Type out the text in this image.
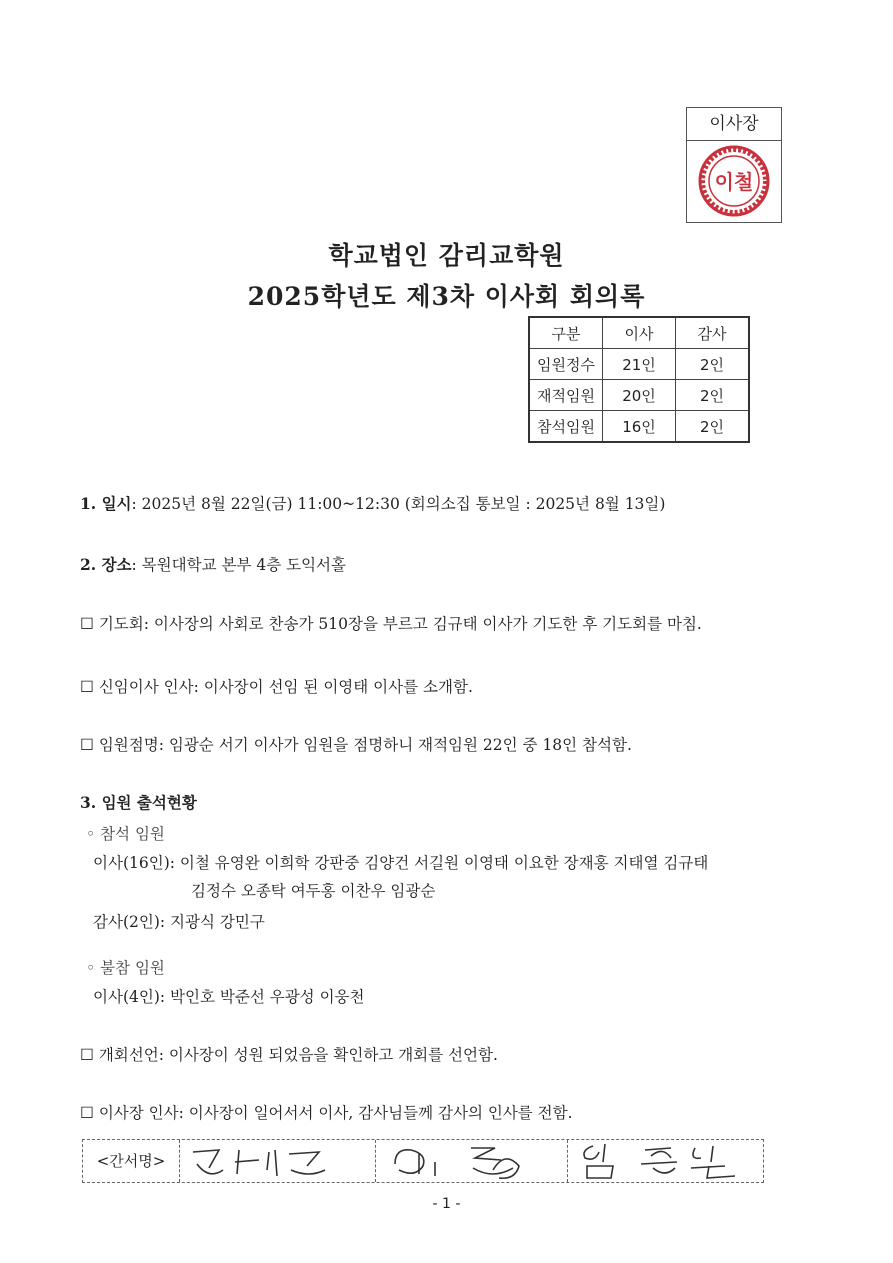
이사장
이철
학교법인 감리교학원
2025학년도 제3차 이사회 회의록
구분	이사	감사
임원정수	21인	2인
재적임원	20인	2인
참석임원	16인	2인
1. 일시: 2025년 8월 22일(금) 11:00~12:30 (회의소집 통보일 : 2025년 8월 13일)
2. 장소: 목원대학교 본부 4층 도익서홀
☐ 기도회: 이사장의 사회로 찬송가 510장을 부르고 김규태 이사가 기도한 후 기도회를 마침.
☐ 신임이사 인사: 이사장이 선임 된 이영태 이사를 소개함.
☐ 임원점명: 임광순 서기 이사가 임원을 점명하니 재적임원 22인 중 18인 참석함.
3. 임원 출석현황
◦ 참석 임원
이사(16인): 이철 유영완 이희학 강판중 김양건 서길원 이영태 이요한 장재홍 지태열 김규태
김정수 오종탁 여두홍 이찬우 임광순
감사(2인): 지광식 강민구
◦ 불참 임원
이사(4인): 박인호 박준선 우광성 이웅천
☐ 개회선언: 이사장이 성원 되었음을 확인하고 개회를 선언함.
☐ 이사장 인사: 이사장이 일어서서 이사, 감사님들께 감사의 인사를 전함.
<간서명>
- 1 -
